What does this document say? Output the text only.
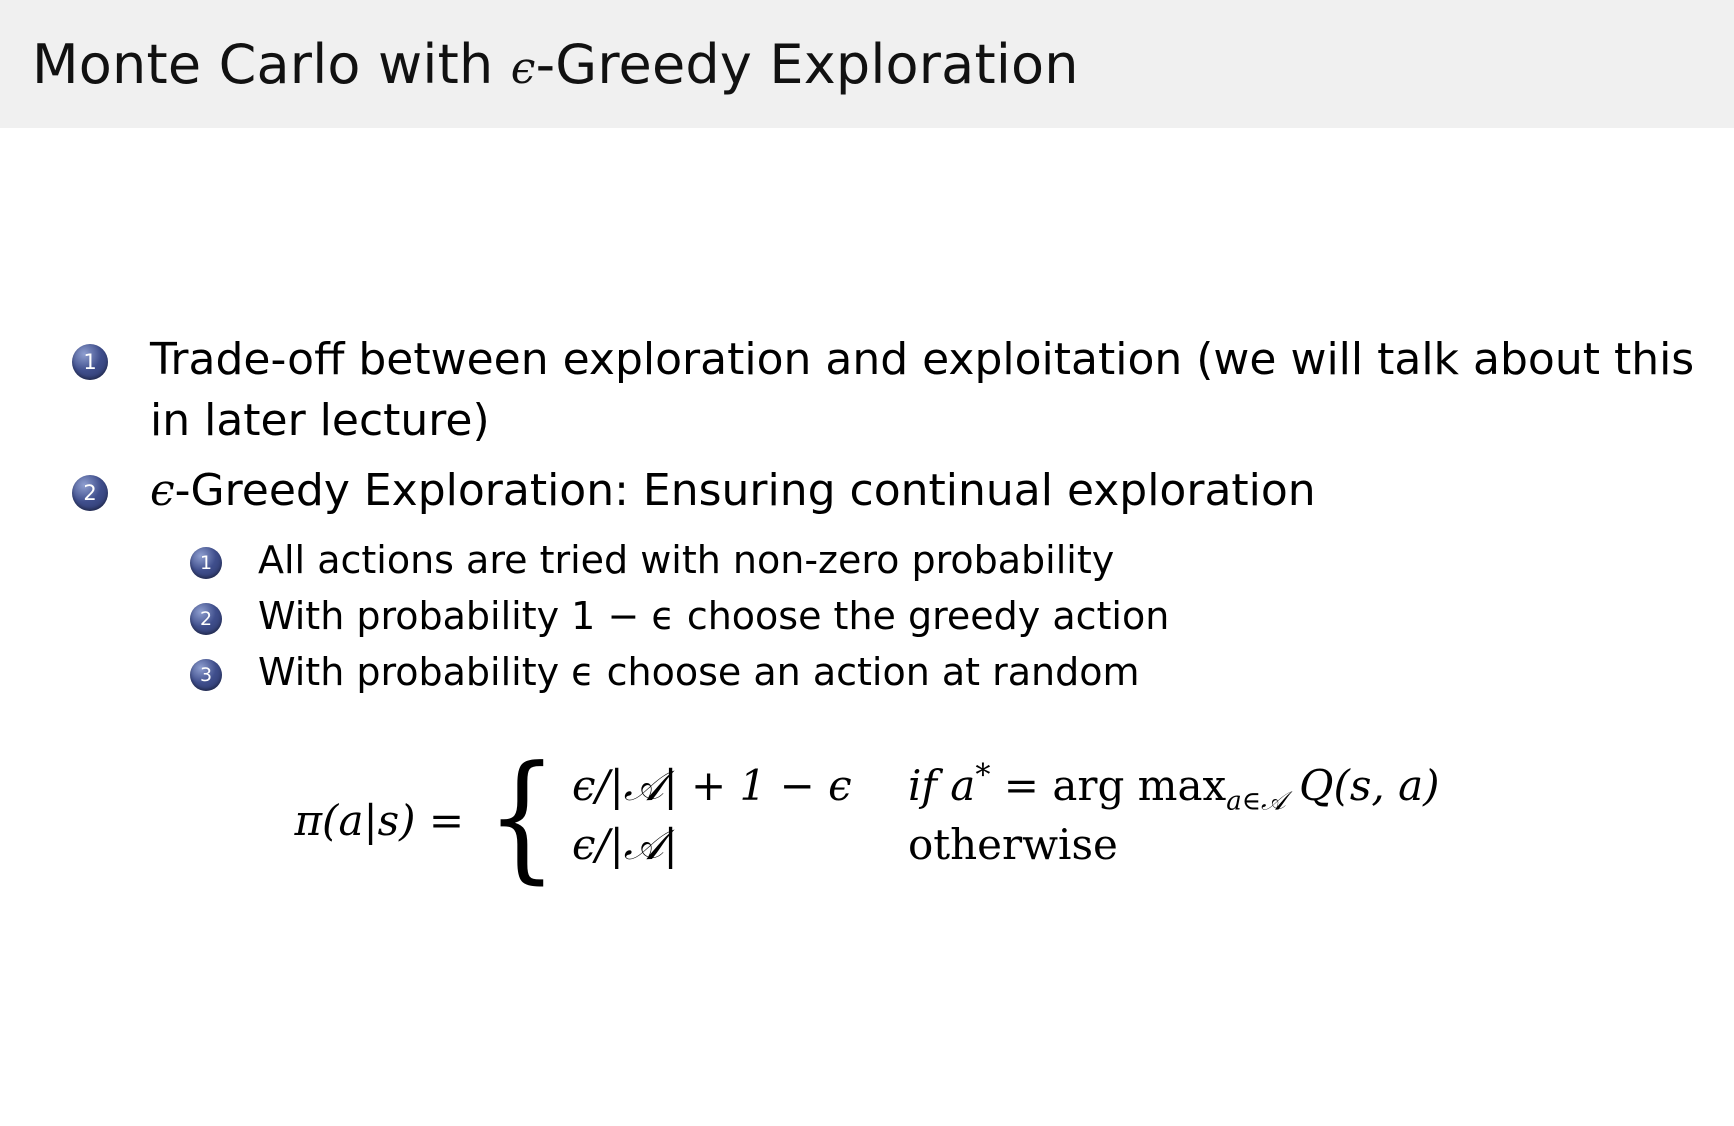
Monte Carlo with ϵ-Greedy Exploration
1 Trade-off between exploration and exploitation (we will talk about this in later lecture)
2 ϵ-Greedy Exploration: Ensuring continual exploration
1 All actions are tried with non-zero probability
2 With probability 1 − ϵ choose the greedy action
3 With probability ϵ choose an action at random
π(a|s) = { ϵ/|𝒜| + 1 − ϵ	if a* = arg $\max_{a\in 𝒜} Q(s$, a)
ϵ/|𝒜|	otherwise
